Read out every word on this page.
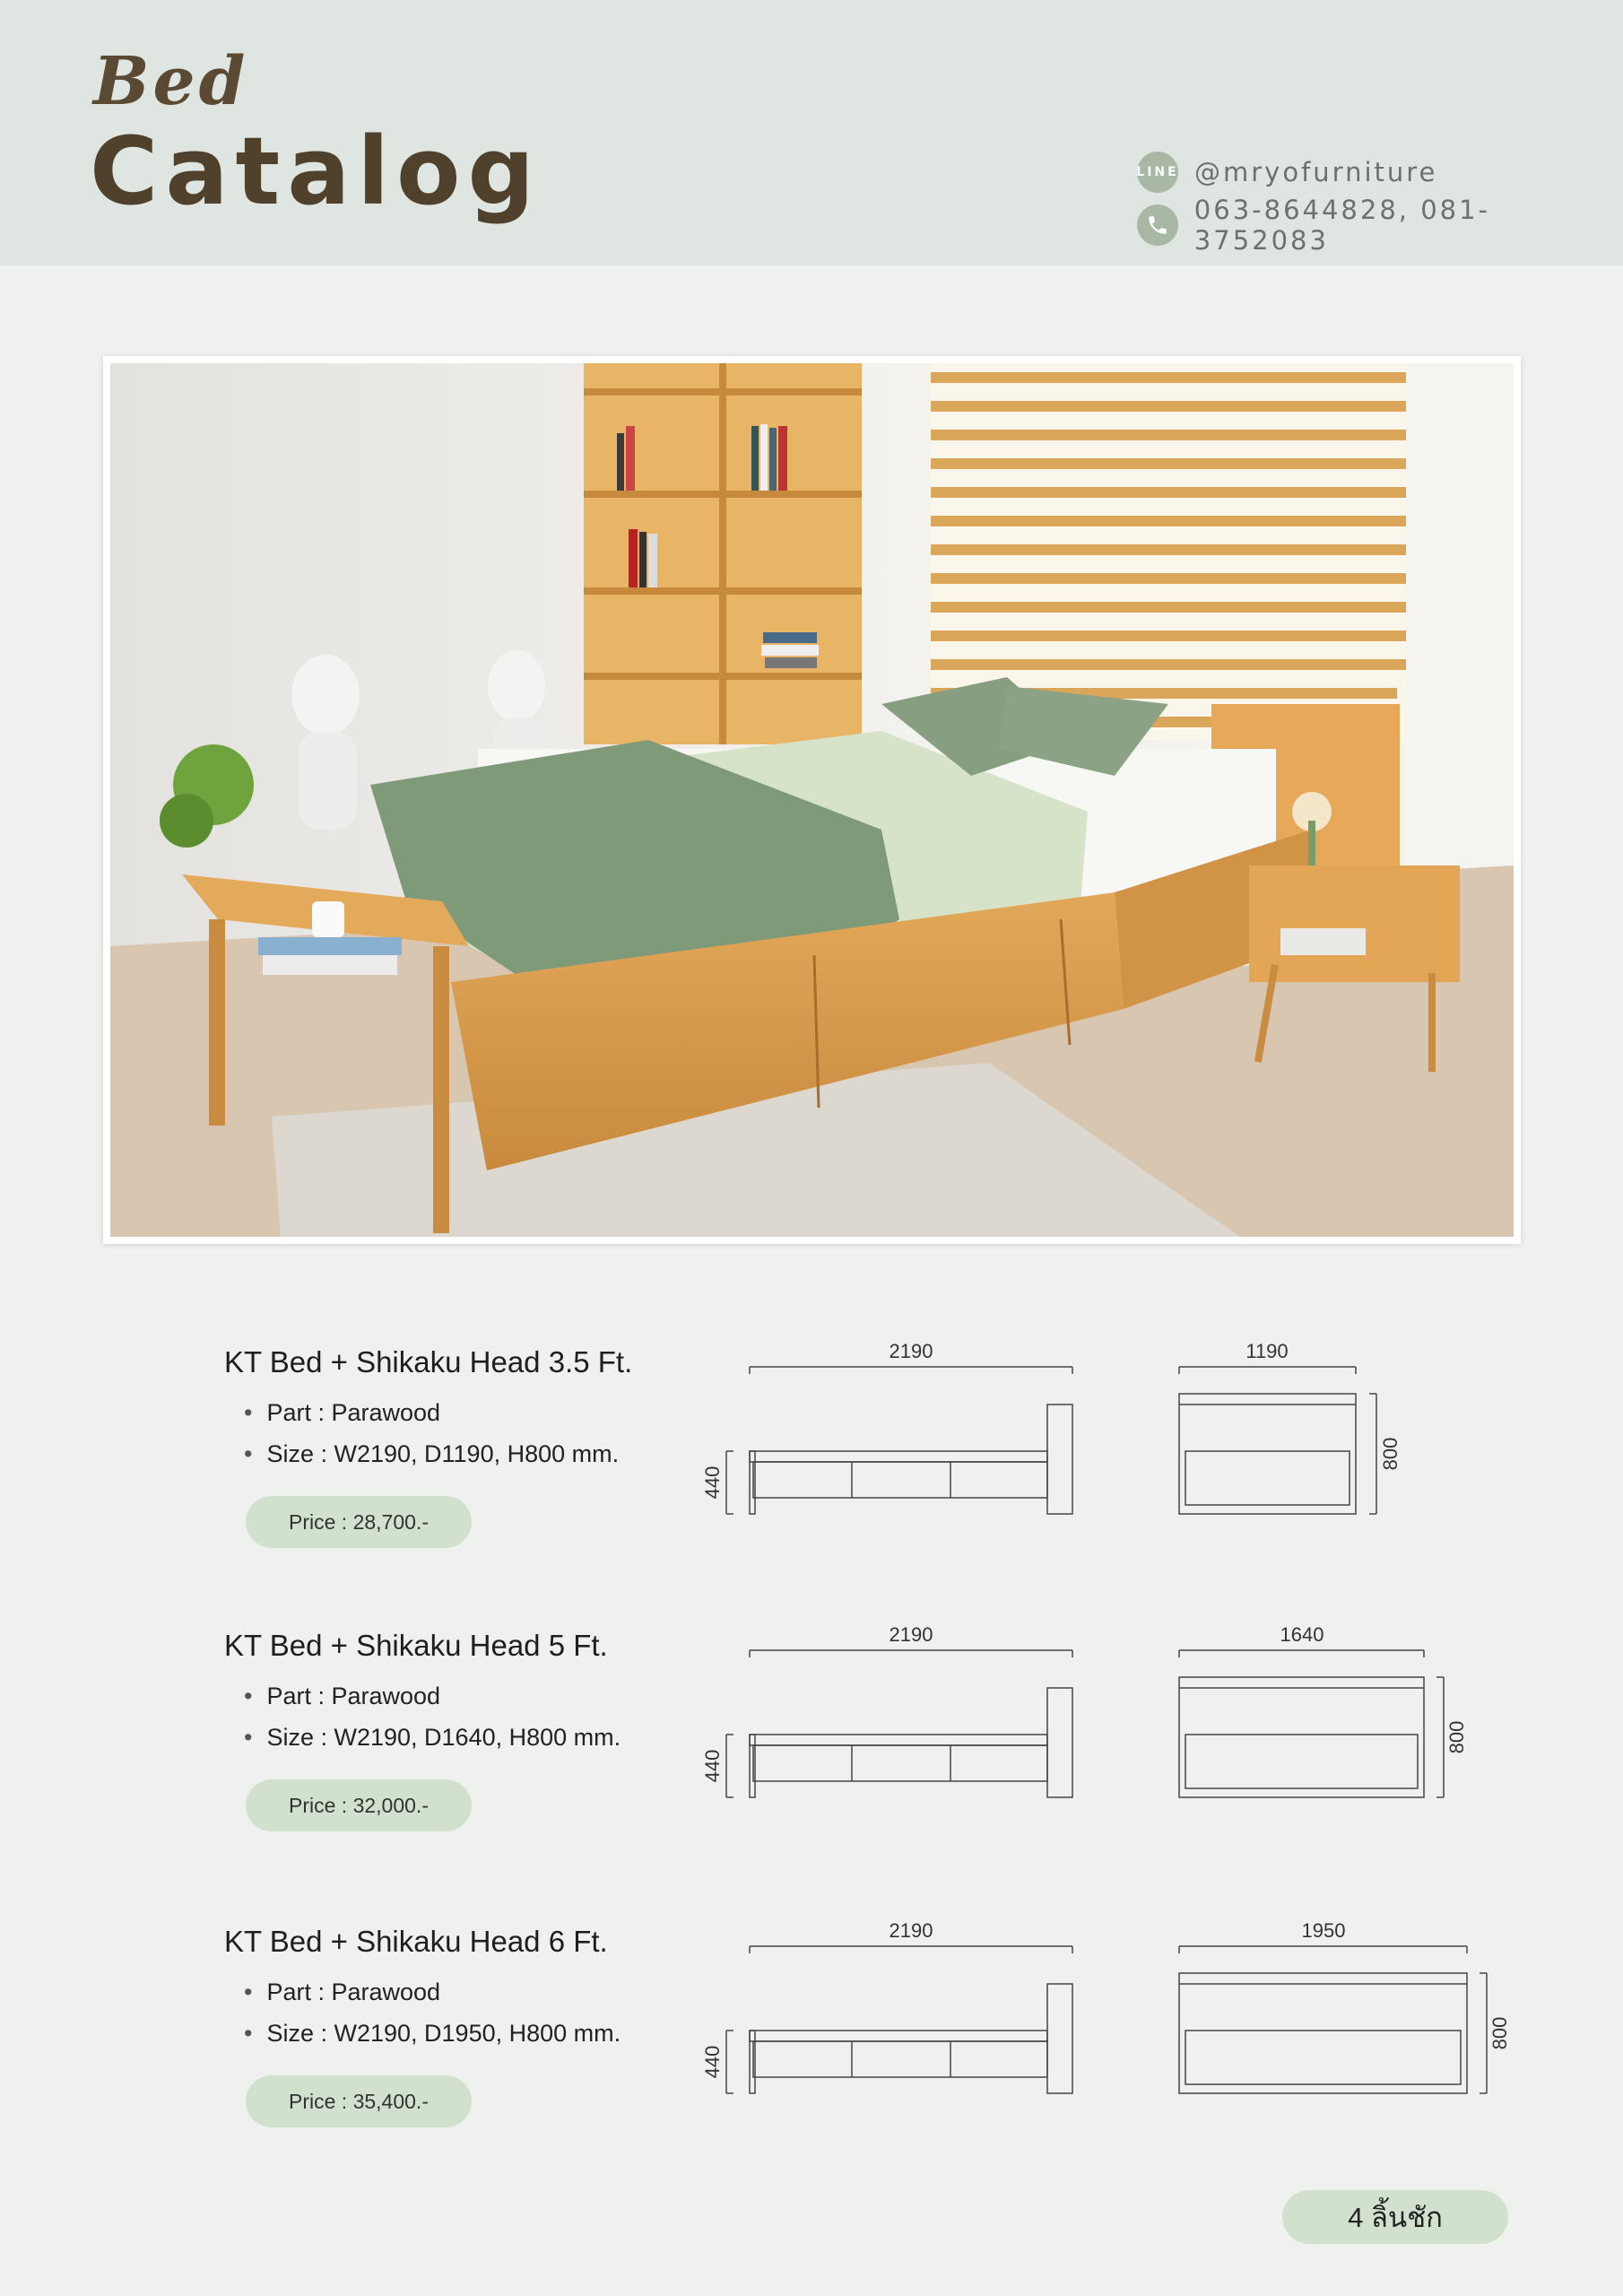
Bed
Catalog	LINE @mryofurniture
063-8644828, 081-3752083
KT Bed + Shikaku Head 3.5 Ft.
• Part : Parawood
• Size : W2190, D1190, H800 mm.
Price : 28,700.-
2190
440
1190
800
KT Bed + Shikaku Head 5 Ft.
• Part : Parawood
• Size : W2190, D1640, H800 mm.
Price : 32,000.-
2190
440
1640
800
KT Bed + Shikaku Head 6 Ft.
• Part : Parawood
• Size : W2190, D1950, H800 mm.
Price : 35,400.-
2190
440
1950
800
4 ลิ้นชัก
